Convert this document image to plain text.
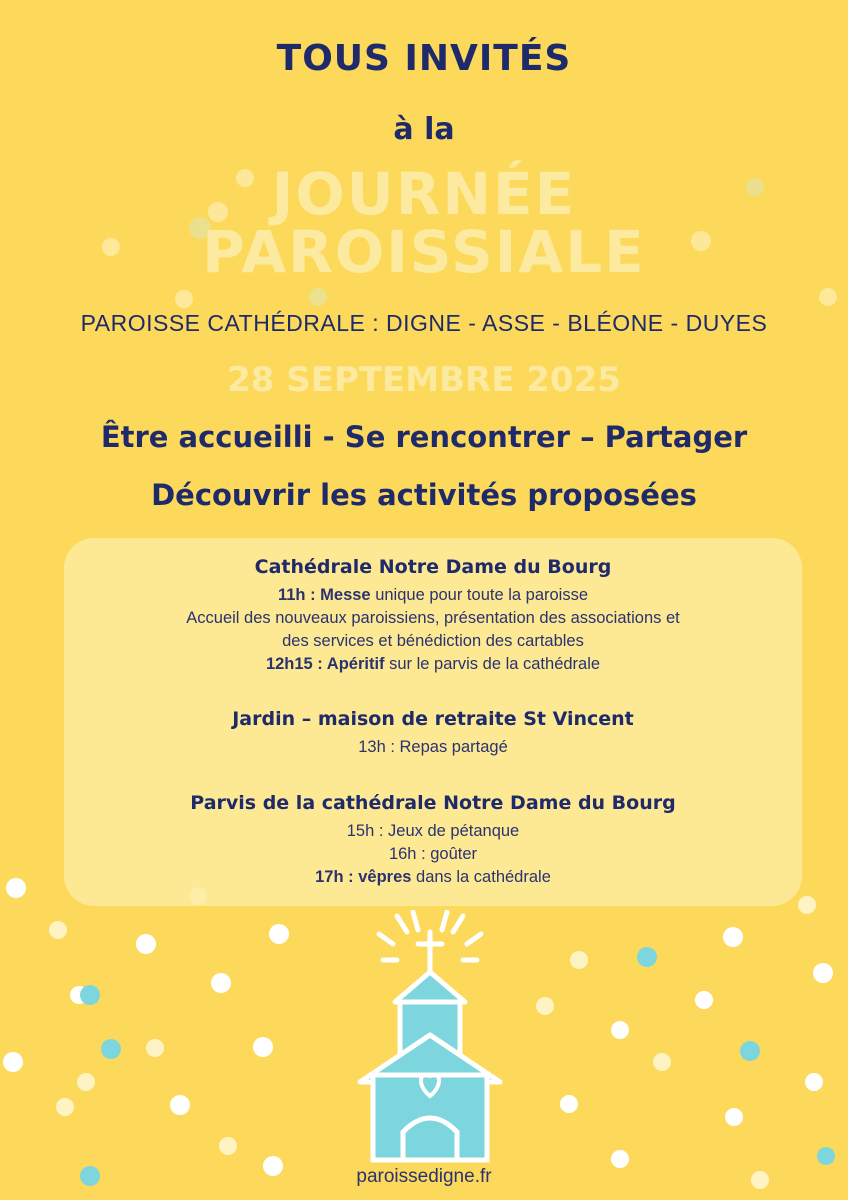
TOUS INVITÉS
à la
JOURNÉE
PAROISSIALE
PAROISSE CATHÉDRALE : DIGNE - ASSE - BLÉONE - DUYES
28 SEPTEMBRE 2025
Être accueilli - Se rencontrer – Partager
Découvrir les activités proposées
Cathédrale Notre Dame du Bourg
11h : Messe unique pour toute la paroisse
Accueil des nouveaux paroissiens, présentation des associations et
des services et bénédiction des cartables
12h15 : Apéritif sur le parvis de la cathédrale
Jardin – maison de retraite St Vincent
13h : Repas partagé
Parvis de la cathédrale Notre Dame du Bourg
15h : Jeux de pétanque
16h : goûter
17h : vêpres dans la cathédrale
paroissedigne.fr
